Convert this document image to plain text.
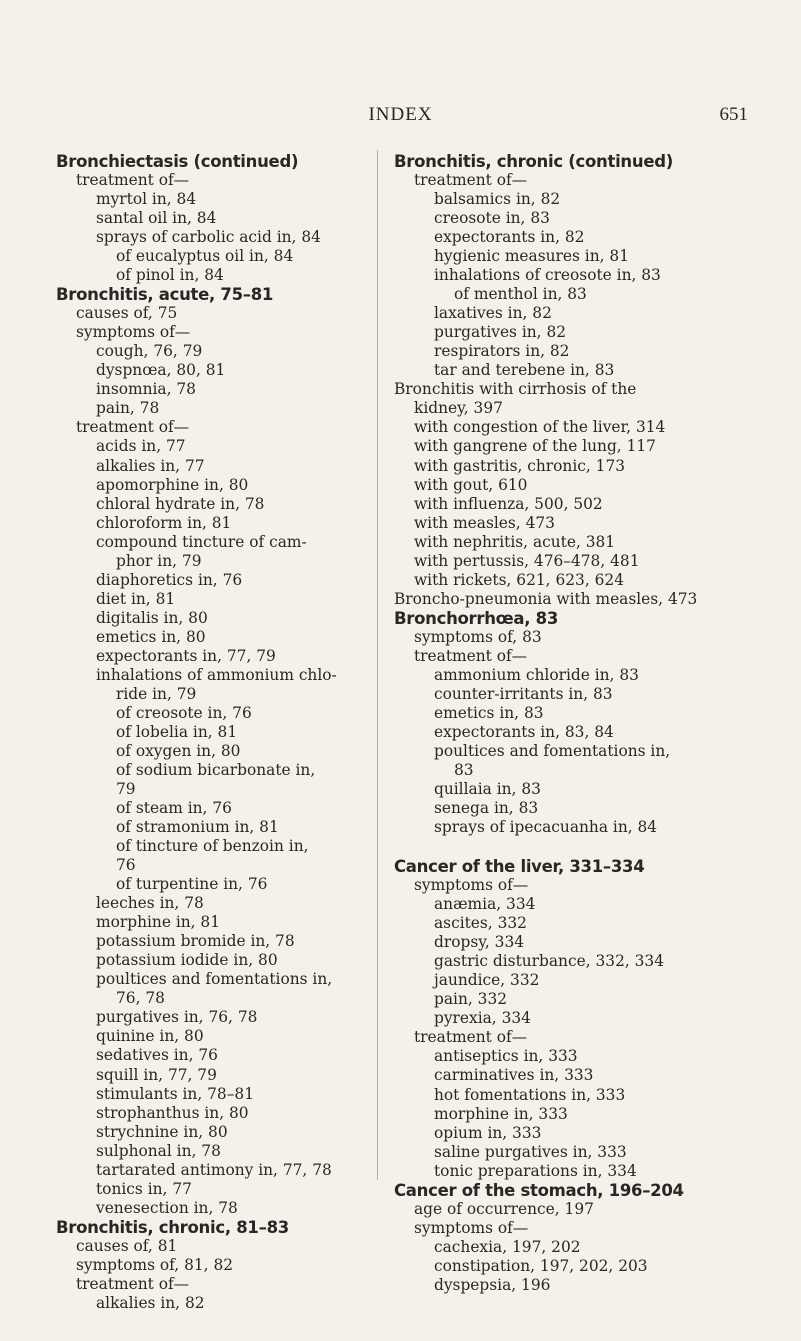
INDEX	651
Bronchiectasis (continued)
treatment of—
myrtol in, 84
santal oil in, 84
sprays of carbolic acid in, 84
of eucalyptus oil in, 84
of pinol in, 84
Bronchitis, acute, 75–81
causes of, 75
symptoms of—
cough, 76, 79
dyspnœa, 80, 81
insomnia, 78
pain, 78
treatment of—
acids in, 77
alkalies in, 77
apomorphine in, 80
chloral hydrate in, 78
chloroform in, 81
compound tincture of cam-
phor in, 79
diaphoretics in, 76
diet in, 81
digitalis in, 80
emetics in, 80
expectorants in, 77, 79
inhalations of ammonium chlo-
ride in, 79
of creosote in, 76
of lobelia in, 81
of oxygen in, 80
of sodium bicarbonate in,
79
of steam in, 76
of stramonium in, 81
of tincture of benzoin in,
76
of turpentine in, 76
leeches in, 78
morphine in, 81
potassium bromide in, 78
potassium iodide in, 80
poultices and fomentations in,
76, 78
purgatives in, 76, 78
quinine in, 80
sedatives in, 76
squill in, 77, 79
stimulants in, 78–81
strophanthus in, 80
strychnine in, 80
sulphonal in, 78
tartarated antimony in, 77, 78
tonics in, 77
venesection in, 78
Bronchitis, chronic, 81–83
causes of, 81
symptoms of, 81, 82
treatment of—
alkalies in, 82
Bronchitis, chronic (continued)
treatment of—
balsamics in, 82
creosote in, 83
expectorants in, 82
hygienic measures in, 81
inhalations of creosote in, 83
of menthol in, 83
laxatives in, 82
purgatives in, 82
respirators in, 82
tar and terebene in, 83
Bronchitis with cirrhosis of the
kidney, 397
with congestion of the liver, 314
with gangrene of the lung, 117
with gastritis, chronic, 173
with gout, 610
with influenza, 500, 502
with measles, 473
with nephritis, acute, 381
with pertussis, 476–478, 481
with rickets, 621, 623, 624
Broncho-pneumonia with measles, 473
Bronchorrhœa, 83
symptoms of, 83
treatment of—
ammonium chloride in, 83
counter-irritants in, 83
emetics in, 83
expectorants in, 83, 84
poultices and fomentations in,
83
quillaia in, 83
senega in, 83
sprays of ipecacuanha in, 84
Cancer of the liver, 331–334
symptoms of—
anæmia, 334
ascites, 332
dropsy, 334
gastric disturbance, 332, 334
jaundice, 332
pain, 332
pyrexia, 334
treatment of—
antiseptics in, 333
carminatives in, 333
hot fomentations in, 333
morphine in, 333
opium in, 333
saline purgatives in, 333
tonic preparations in, 334
Cancer of the stomach, 196–204
age of occurrence, 197
symptoms of—
cachexia, 197, 202
constipation, 197, 202, 203
dyspepsia, 196
